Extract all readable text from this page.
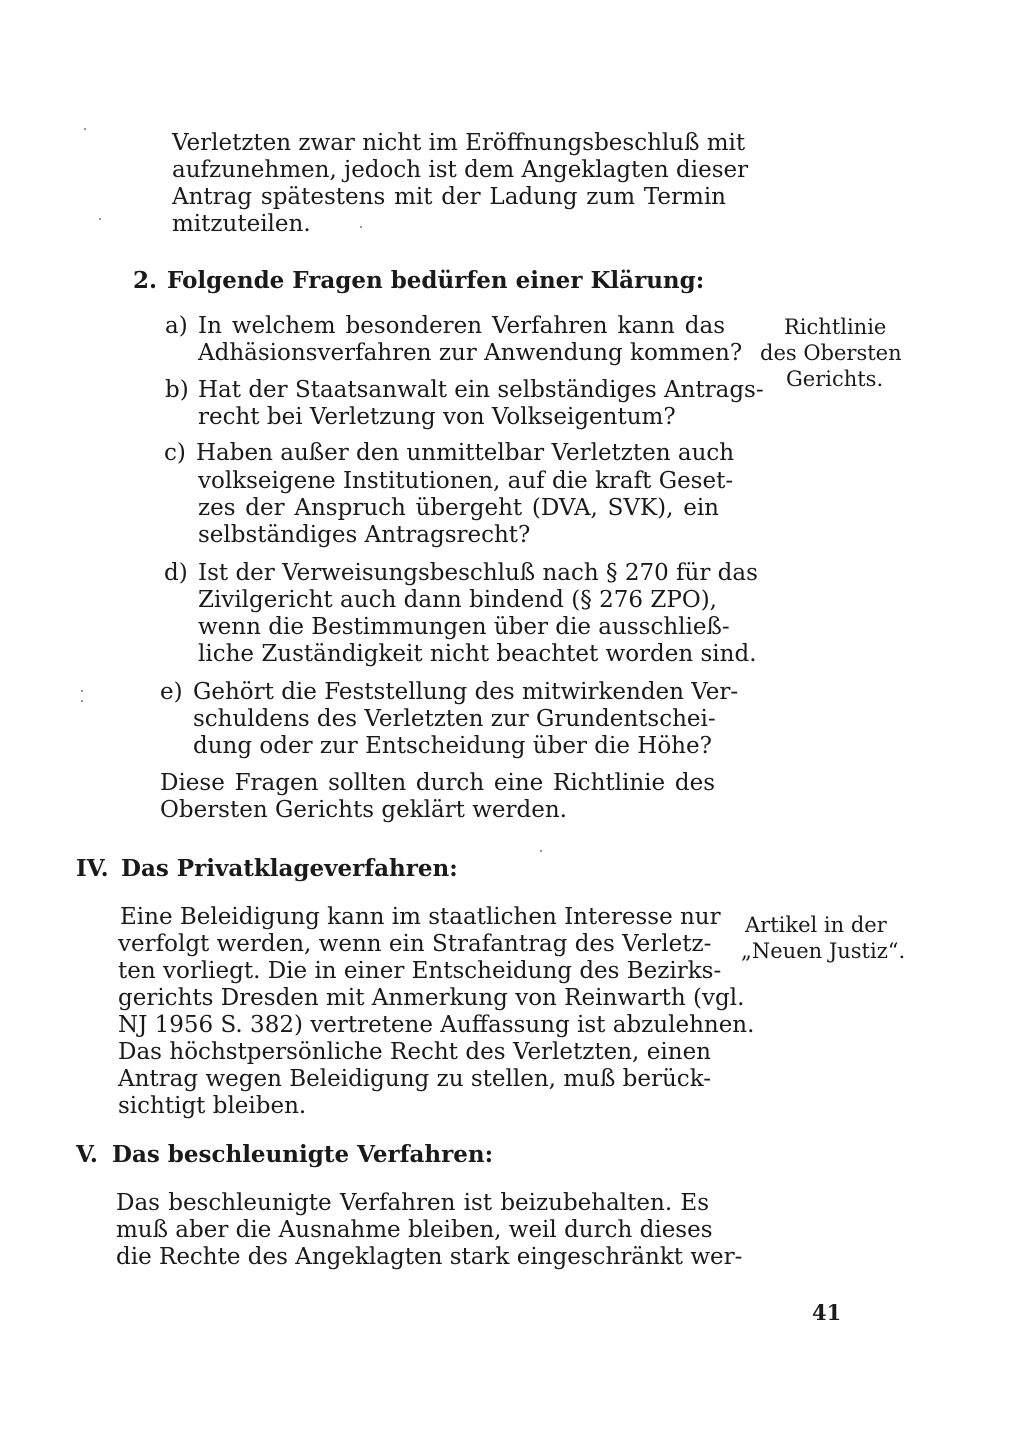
Verletzten zwar nicht im Eröffnungsbeschluß mit
aufzunehmen, jedoch ist dem Angeklagten dieser
Antrag spätestens mit der Ladung zum Termin
mitzuteilen.
2. Folgende Fragen bedürfen einer Klärung:
a) In welchem besonderen Verfahren kann das
Adhäsionsverfahren zur Anwendung kommen?
b) Hat der Staatsanwalt ein selbständiges Antrags-
recht bei Verletzung von Volkseigentum?
c) Haben außer den unmittelbar Verletzten auch
volkseigene Institutionen, auf die kraft Geset-
zes der Anspruch übergeht (DVA, SVK), ein
selbständiges Antragsrecht?
d) Ist der Verweisungsbeschluß nach § 270 für das
Zivilgericht auch dann bindend (§ 276 ZPO),
wenn die Bestimmungen über die ausschließ-
liche Zuständigkeit nicht beachtet worden sind.
e) Gehört die Feststellung des mitwirkenden Ver-
schuldens des Verletzten zur Grundentschei-
dung oder zur Entscheidung über die Höhe?
Diese Fragen sollten durch eine Richtlinie des
Obersten Gerichts geklärt werden.
Richtlinie
des Obersten
Gerichts.
IV. Das Privatklageverfahren:
Eine Beleidigung kann im staatlichen Interesse nur
verfolgt werden, wenn ein Strafantrag des Verletz-
ten vorliegt. Die in einer Entscheidung des Bezirks-
gerichts Dresden mit Anmerkung von Reinwarth (vgl.
NJ 1956 S. 382) vertretene Auffassung ist abzulehnen.
Das höchstpersönliche Recht des Verletzten, einen
Antrag wegen Beleidigung zu stellen, muß berück-
sichtigt bleiben.
Artikel in der
„Neuen Justiz“.
V. Das beschleunigte Verfahren:
Das beschleunigte Verfahren ist beizubehalten. Es
muß aber die Ausnahme bleiben, weil durch dieses
die Rechte des Angeklagten stark eingeschränkt wer-
41
